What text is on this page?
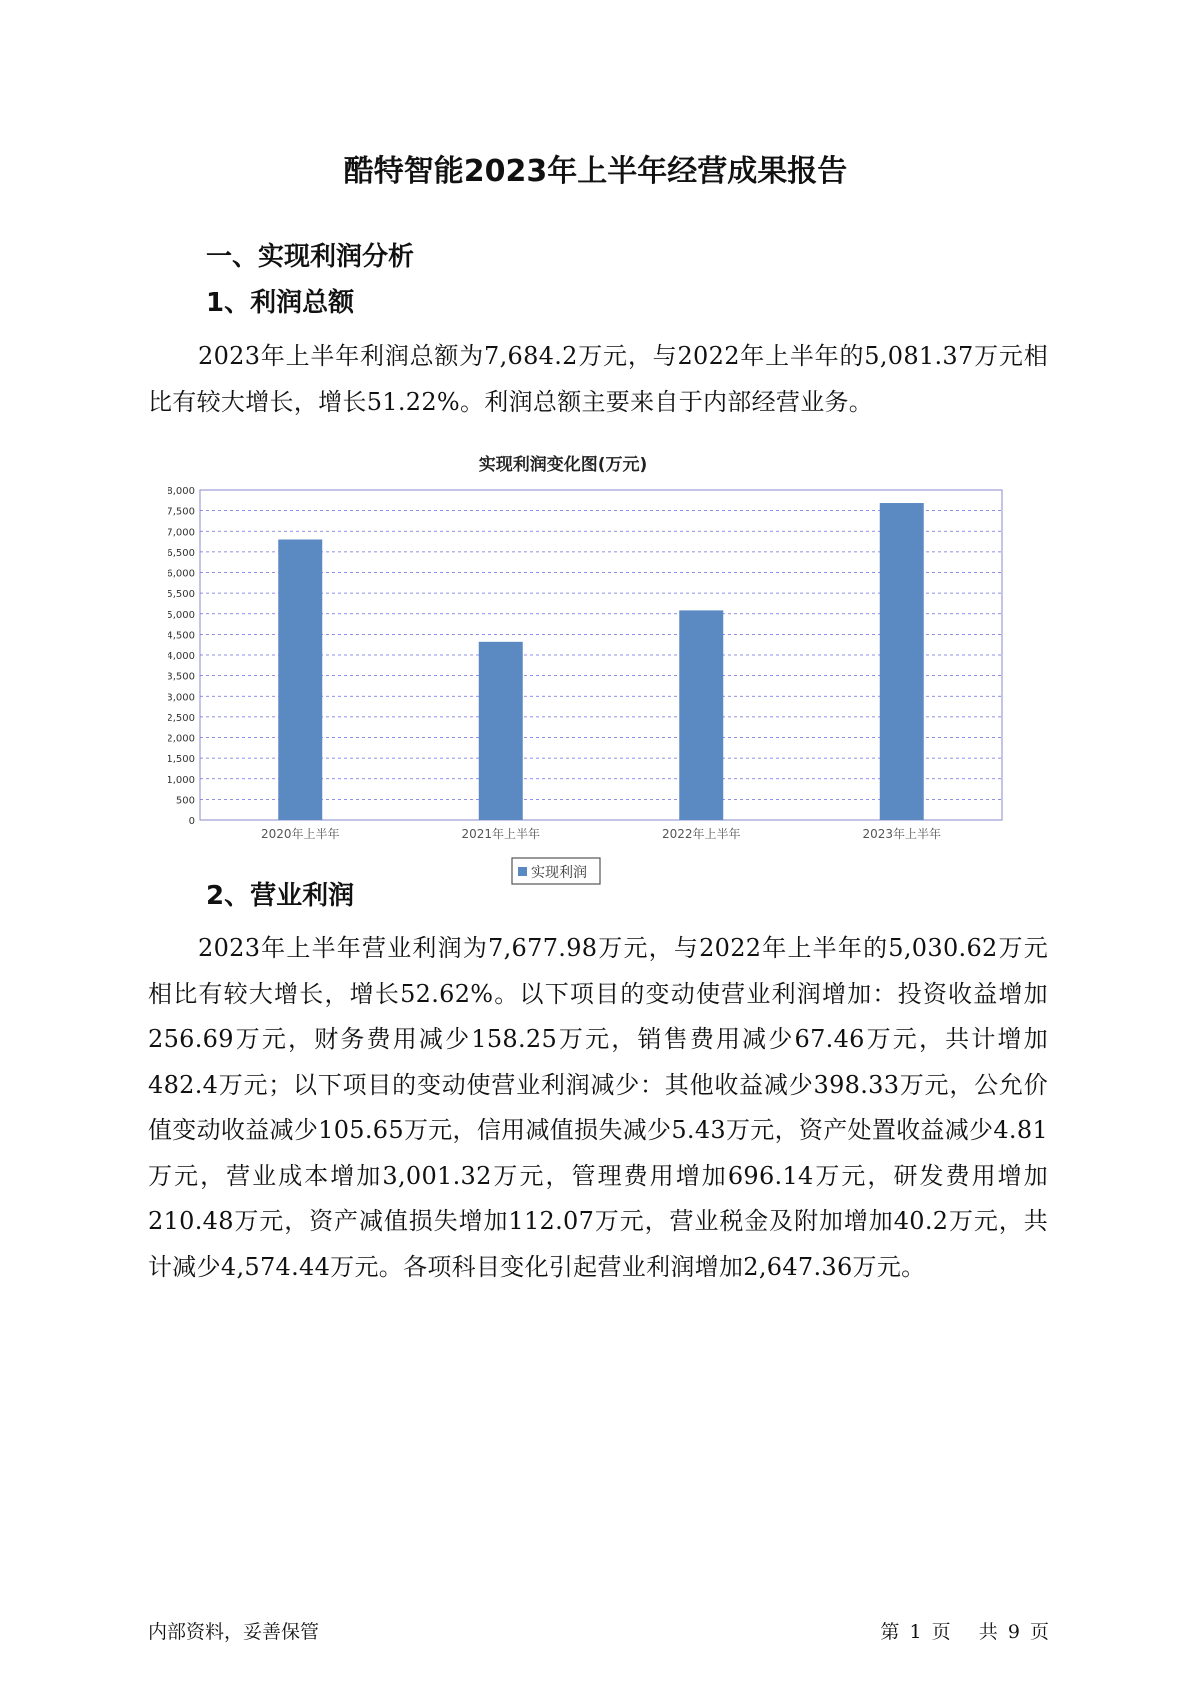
酷特智能2023年上半年经营成果报告
一、实现利润分析
1、利润总额

2023年上半年利润总额为7,684.2万元，与2022年上半年的5,081.37万元相比有较大增长，增长51.22%。利润总额主要来自于内部经营业务。

实现利润变化图(万元)
0
500
1,000
1,500
2,000
2,500
3,000
3,500
4,000
4,500
5,000
5,500
6,000
6,500
7,000
7,500
8,000
2020年上半年	2021年上半年	2022年上半年	2023年上半年
实现利润
2、营业利润

2023年上半年营业利润为7,677.98万元，与2022年上半年的5,030.62万元相比有较大增长，增长52.62%。以下项目的变动使营业利润增加：投资收益增加256.69万元，财务费用减少158.25万元，销售费用减少67.46万元，共计增加482.4万元；以下项目的变动使营业利润减少：其他收益减少398.33万元，公允价值变动收益减少105.65万元，信用减值损失减少5.43万元，资产处置收益减少4.81万元，营业成本增加3,001.32万元，管理费用增加696.14万元，研发费用增加210.48万元，资产减值损失增加112.07万元，营业税金及附加增加40.2万元，共计减少4,574.44万元。各项科目变化引起营业利润增加2,647.36万元。

内部资料，妥善保管	第 1 页 共 9 页
